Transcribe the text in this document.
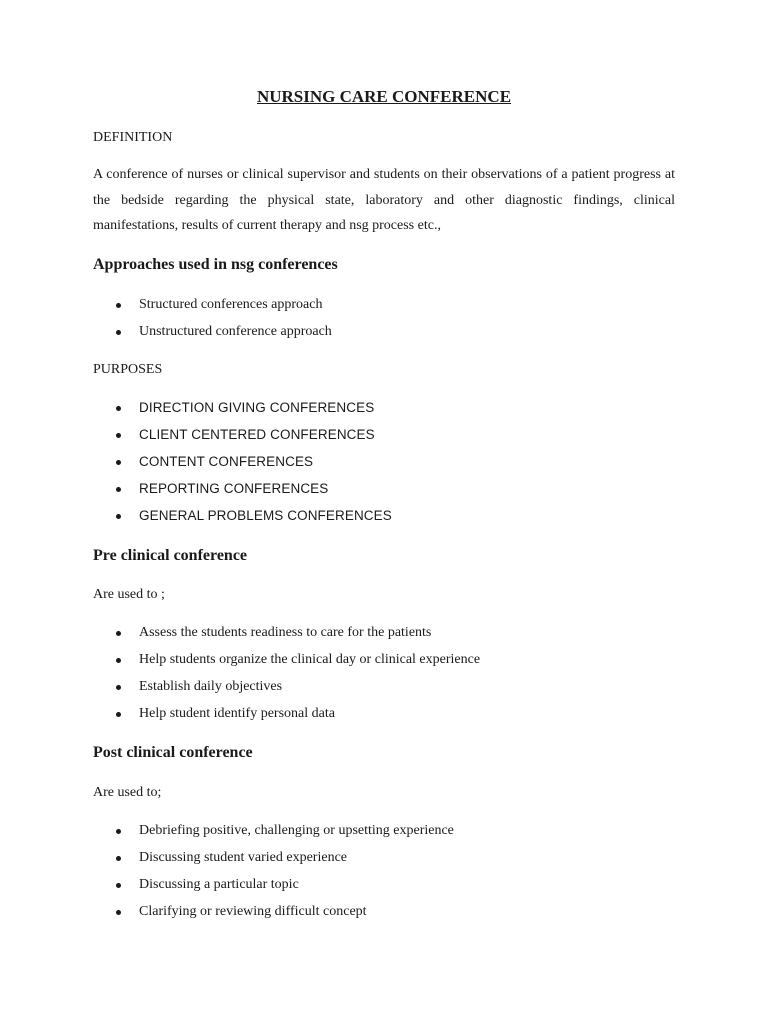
NURSING CARE CONFERENCE
DEFINITION

A conference of nurses or clinical supervisor and students on their observations of a patient progress at the bedside regarding the physical state, laboratory and other diagnostic findings, clinical manifestations, results of current therapy and nsg process etc.,

Approaches used in nsg conferences
Structured conferences approach
Unstructured conference approach
PURPOSES
DIRECTION GIVING CONFERENCES
CLIENT CENTERED CONFERENCES
CONTENT CONFERENCES
REPORTING CONFERENCES
GENERAL PROBLEMS CONFERENCES
Pre clinical conference
Are used to ;
Assess the students readiness to care for the patients
Help students organize the clinical day or clinical experience
Establish daily objectives
Help student identify personal data
Post clinical conference
Are used to;
Debriefing positive, challenging or upsetting experience
Discussing student varied experience
Discussing a particular topic
Clarifying or reviewing difficult concept
